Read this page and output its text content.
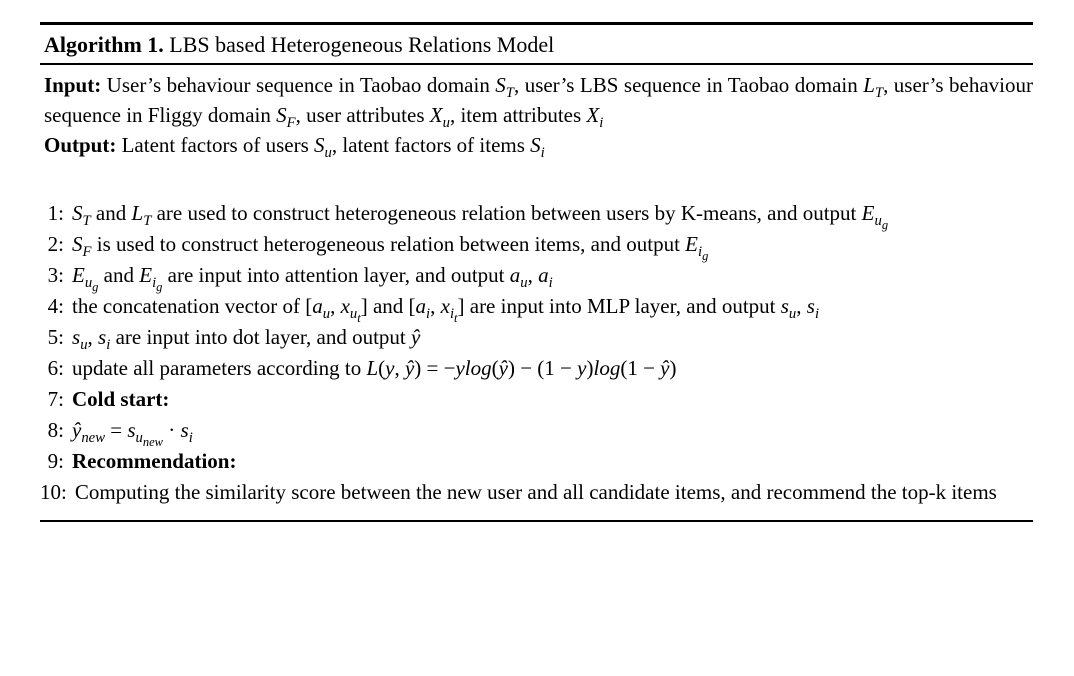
Algorithm 1. LBS based Heterogeneous Relations Model

Input: User’s behaviour sequence in Taobao domain $S_T$, user’s LBS sequence in Taobao domain $L_T$, user’s behaviour sequence in Fliggy domain $S_F$, user attributes $X_u$, item attributes $X_i$

Output: Latent factors of users $S_u$, latent factors of items $S_i$

1: $S_T$ and $L_T$ are used to construct heterogeneous relation between users by K-means, and output $E_{u_g}$
2: $S_F$ is used to construct heterogeneous relation between items, and output $E_{i_g}$
3: $E_{u_g}$ and $E_{i_g}$ are input into attention layer, and output $a_u$, $a_i$
4: the concatenation vector of [$a_u$, $x_{u_t}$] and [$a_i$, $x_{i_t}$] are input into MLP layer, and output $s_u$, $s_i$
5: $s_u$, $s_i$ are input into dot layer, and output ŷ
6: update all parameters according to L(y, ŷ) = −ylog(ŷ) − (1 − y)log(1 − ŷ)
7: Cold start:
8: $ŷ_{new} = s_{u_{new}} \cdot s_i$
9: Recommendation:
10: Computing the similarity score between the new user and all candidate items, and recommend the top-k items
